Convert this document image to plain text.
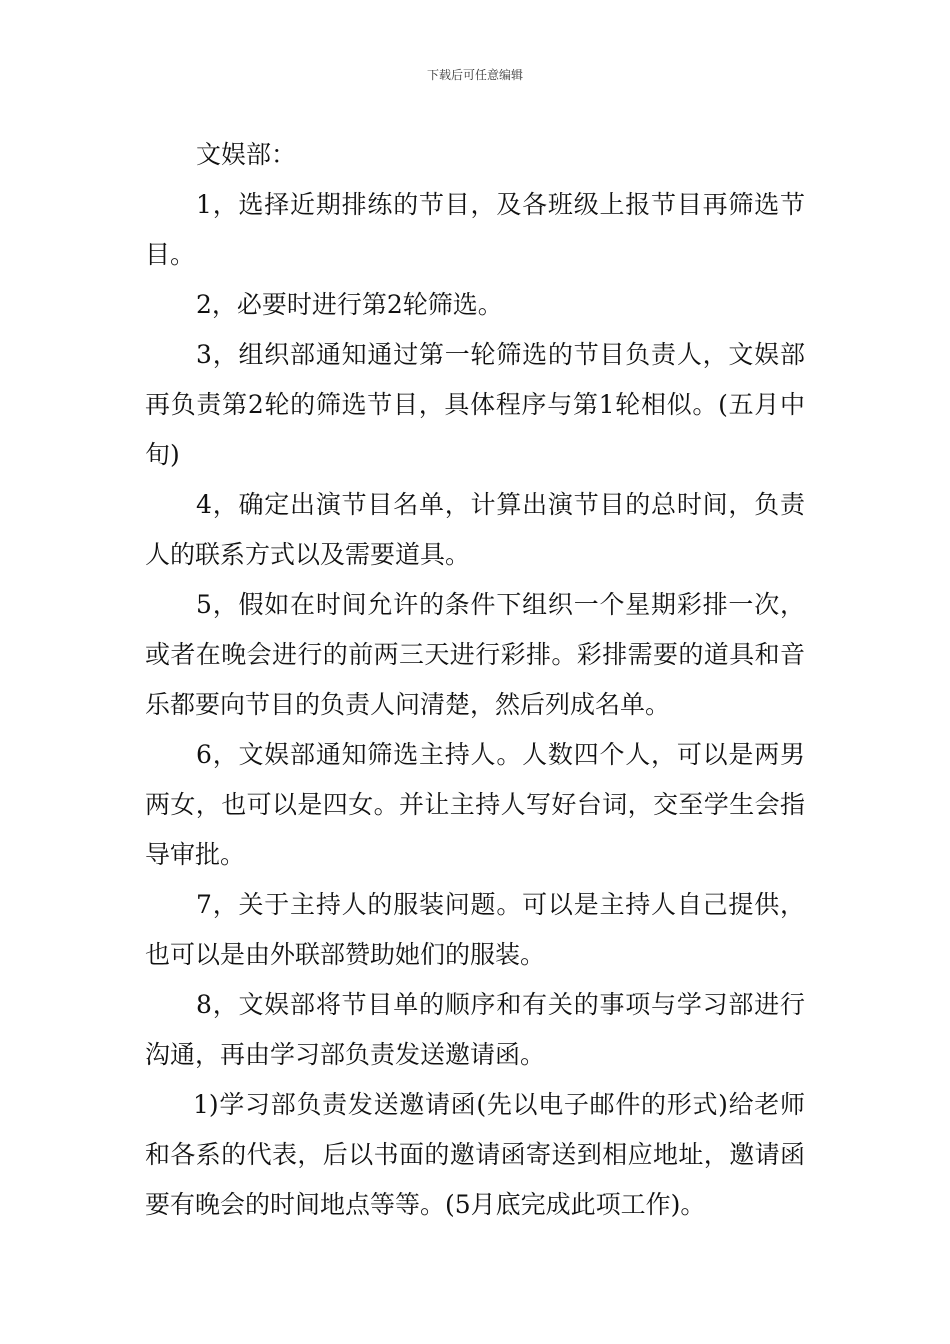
下载后可任意编辑

文娱部：

1，选择近期排练的节目，及各班级上报节目再筛选节目。

2，必要时进行第2轮筛选。

3，组织部通知通过第一轮筛选的节目负责人，文娱部再负责第2轮的筛选节目，具体程序与第1轮相似。(五月中旬)

4，确定出演节目名单，计算出演节目的总时间，负责人的联系方式以及需要道具。

5，假如在时间允许的条件下组织一个星期彩排一次，或者在晚会进行的前两三天进行彩排。彩排需要的道具和音乐都要向节目的负责人问清楚，然后列成名单。

6，文娱部通知筛选主持人。人数四个人，可以是两男两女，也可以是四女。并让主持人写好台词，交至学生会指导审批。

7，关于主持人的服装问题。可以是主持人自己提供，也可以是由外联部赞助她们的服装。

8，文娱部将节目单的顺序和有关的事项与学习部进行沟通，再由学习部负责发送邀请函。

1)学习部负责发送邀请函(先以电子邮件的形式)给老师和各系的代表，后以书面的邀请函寄送到相应地址，邀请函要有晚会的时间地点等等。(5月底完成此项工作)。
